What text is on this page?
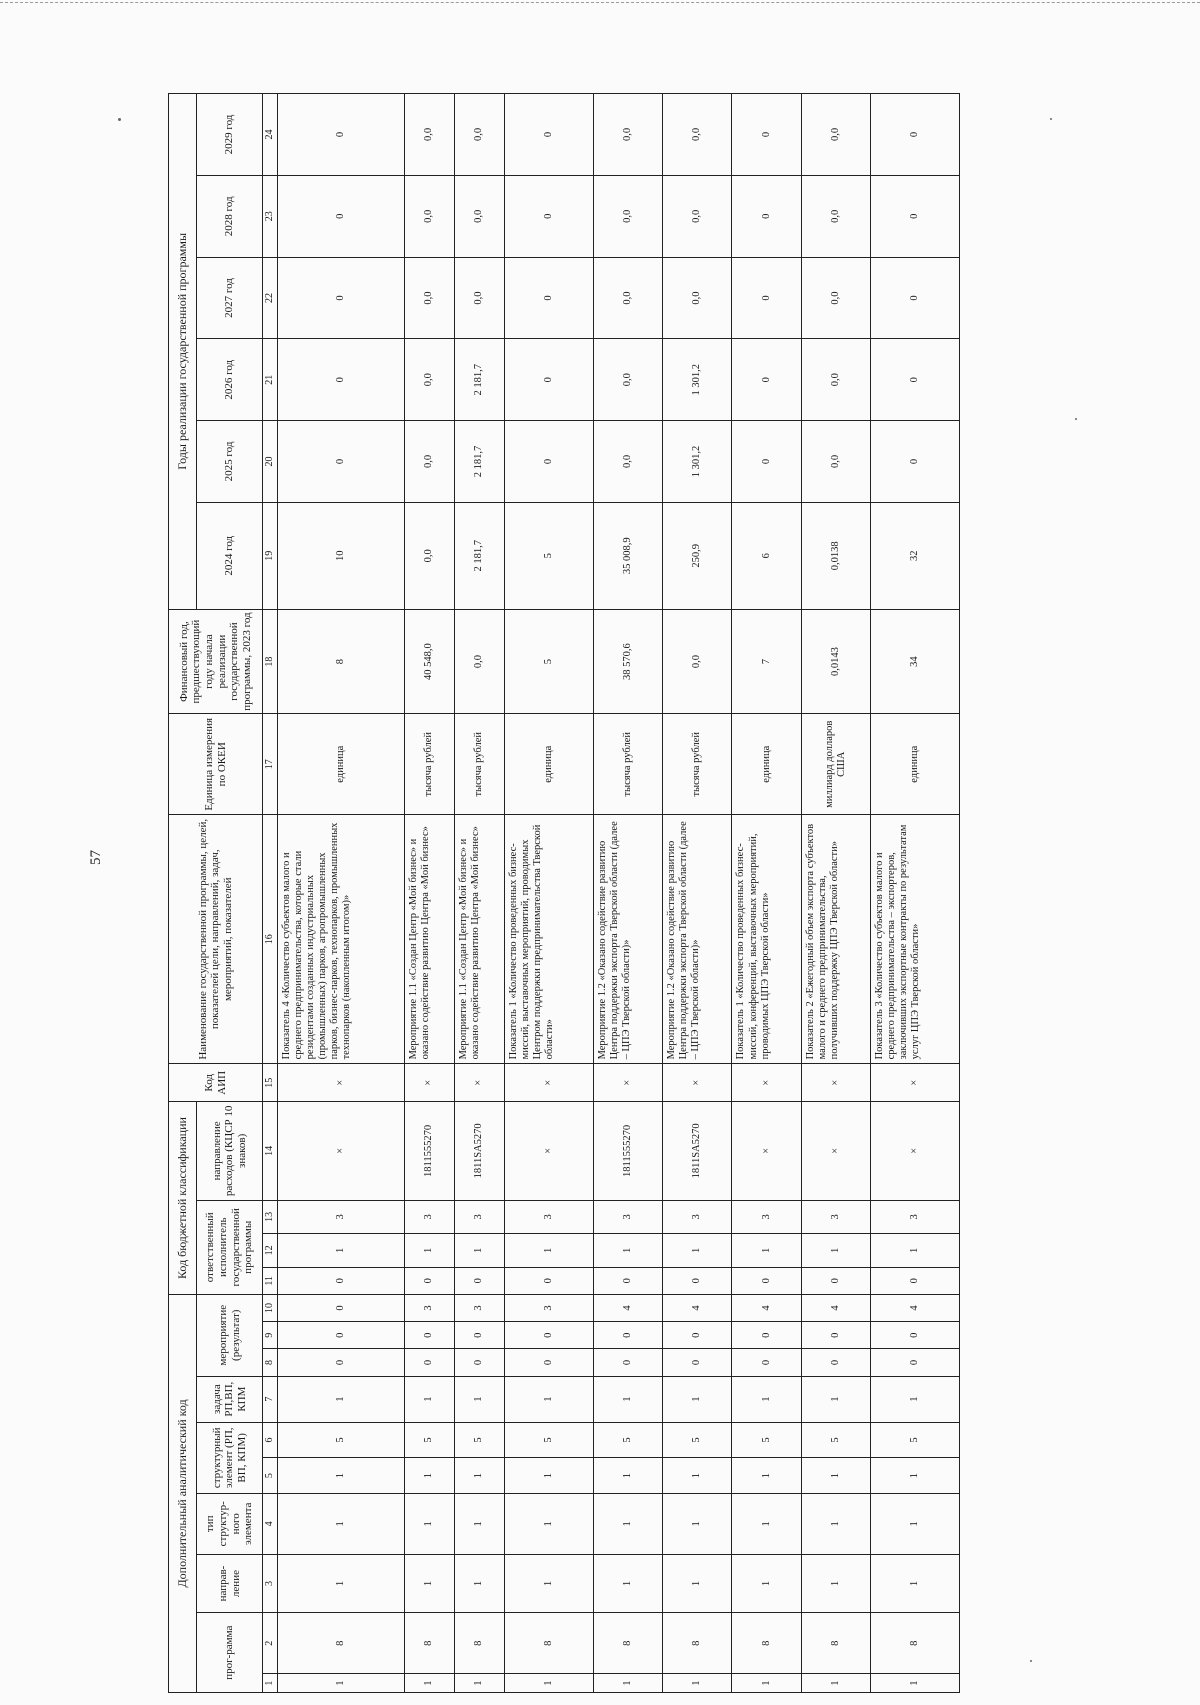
57
Дополнительный аналитический код										Код бюджетной классификации				Код АИП	Наименование государственной программы, целей, показателей цели, направлений, задач, мероприятий, показателей	Единица измерения по ОКЕИ	Финансовый год, предшествующий году начала реализации государственной программы, 2023 год	Годы реализации государственной программы					
прог-рамма		направ-ление	тип структур-ного элемента	структурный элемент (РП, ВП, КПМ)		задача РП,ВП, КПМ	мероприятие (результат)			ответственный исполнитель государственной программы			направление расходов (КЦСР 10 знаков)					2024 год	2025 год	2026 год	2027 год	2028 год	2029 год
1	2	3	4	5	6	7	8	9	10	11	12	13	14	15	16	17	18	19	20	21	22	23	24
1	8	1	1	1	5	1	0	0	0	0	1	3	×	×	Показатель 4 «Количество субъектов малого и среднего предпринимательства, которые стали резидентами созданных индустриальных (промышленных) парков, агропромышленных парков, бизнес-парков, технопарков, промышленных технопарков (накопленным итогом)»	единица	8	10	0	0	0	0	0
1	8	1	1	1	5	1	0	0	3	0	1	3	1811555270	×	Мероприятие 1.1 «Создан Центр «Мой бизнес» и оказано содействие развитию Центра «Мой бизнес»	тысяча рублей	40 548,0	0,0	0,0	0,0	0,0	0,0	0,0
1	8	1	1	1	5	1	0	0	3	0	1	3	1811SA5270	×	Мероприятие 1.1 «Создан Центр «Мой бизнес» и оказано содействие развитию Центра «Мой бизнес»	тысяча рублей	0,0	2 181,7	2 181,7	2 181,7	0,0	0,0	0,0
1	8	1	1	1	5	1	0	0	3	0	1	3	×	×	Показатель 1 «Количество проведенных бизнес-миссий, выставочных мероприятий, проводимых Центром поддержки предпринимательства Тверской области»	единица	5	5	0	0	0	0	0
1	8	1	1	1	5	1	0	0	4	0	1	3	1811555270	×	Мероприятие 1.2 «Оказано содействие развитию Центра поддержки экспорта Тверской области (далее – ЦПЭ Тверской области)»	тысяча рублей	38 570,6	35 008,9	0,0	0,0	0,0	0,0	0,0
1	8	1	1	1	5	1	0	0	4	0	1	3	1811SA5270	×	Мероприятие 1.2 «Оказано содействие развитию Центра поддержки экспорта Тверской области (далее – ЦПЭ Тверской области)»	тысяча рублей	0,0	250,9	1 301,2	1 301,2	0,0	0,0	0,0
1	8	1	1	1	5	1	0	0	4	0	1	3	×	×	Показатель 1 «Количество проведенных бизнес-миссий, конференций, выставочных мероприятий, проводимых ЦПЭ Тверской области»	единица	7	6	0	0	0	0	0
1	8	1	1	1	5	1	0	0	4	0	1	3	×	×	Показатель 2 «Ежегодный объем экспорта субъектов малого и среднего предпринимательства, получивших поддержку ЦПЭ Тверской области»	миллиард долларов США	0,0143	0,0138	0,0	0,0	0,0	0,0	0,0
1	8	1	1	1	5	1	0	0	4	0	1	3	×	×	Показатель 3 «Количество субъектов малого и среднего предпринимательства – экспортеров, заключивших экспортные контракты по результатам услуг ЦПЭ Тверской области»	единица	34	32	0	0	0	0	0
